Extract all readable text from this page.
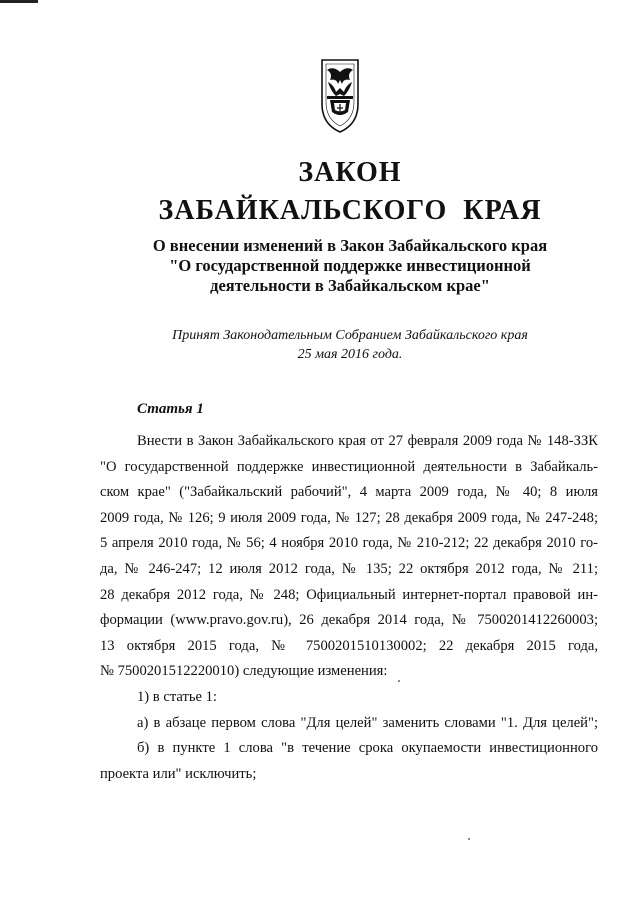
ЗАКОН
ЗАБАЙКАЛЬСКОГО  КРАЯ
О внесении изменений в Закон Забайкальского края
"О государственной поддержке инвестиционной
деятельности в Забайкальском крае"
Принят Законодательным Собранием Забайкальского края
25 мая 2016 года.
Статья 1
Внести в Закон Забайкальского края от 27 февраля 2009 года № 148-ЗЗК
"О государственной поддержке инвестиционной деятельности в Забайкаль-
ском крае" ("Забайкальский рабочий", 4 марта 2009 года, № 40; 8 июля
2009 года, № 126; 9 июля 2009 года, № 127; 28 декабря 2009 года, № 247-248;
5 апреля 2010 года, № 56; 4 ноября 2010 года, № 210-212; 22 декабря 2010 го-
да, № 246-247; 12 июля 2012 года, № 135; 22 октября 2012 года, № 211;
28 декабря 2012 года, № 248; Официальный интернет-портал правовой ин-
формации (www.pravo.gov.ru), 26 декабря 2014 года, № 7500201412260003;
13 октября 2015 года, № 7500201510130002; 22 декабря 2015 года,
№ 7500201512220010) следующие изменения:
1) в статье 1:
а) в абзаце первом слова "Для целей" заменить словами "1. Для целей";
б) в пункте 1 слова "в течение срока окупаемости инвестиционного
проекта или" исключить;
